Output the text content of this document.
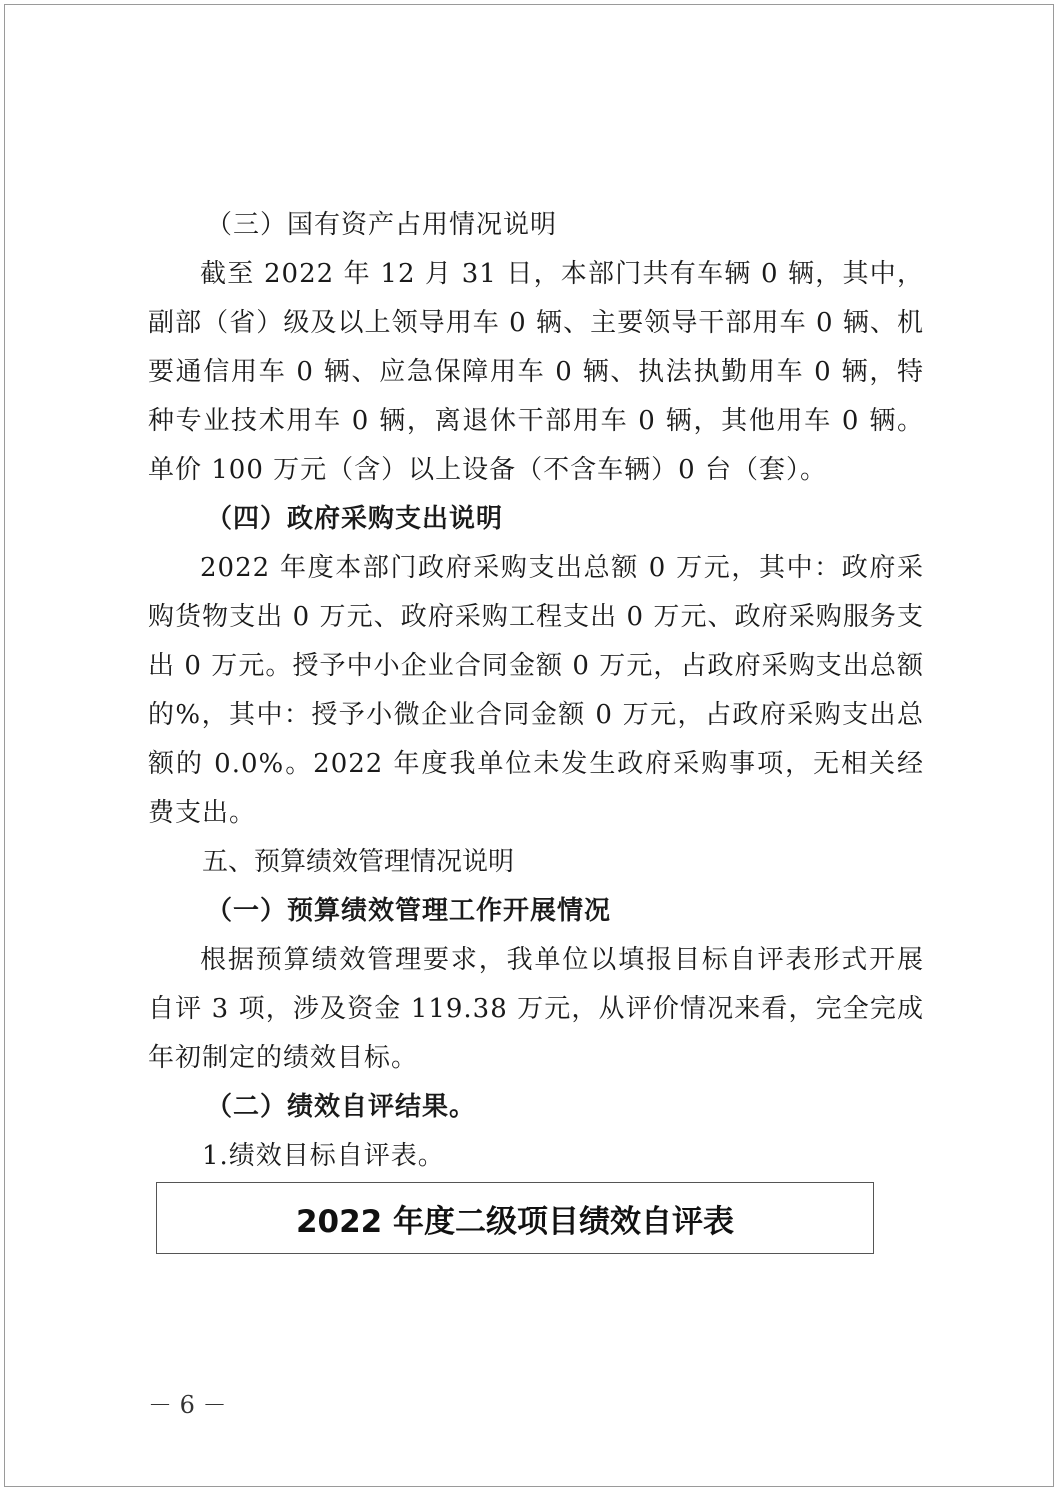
（三）国有资产占用情况说明

截至 2022 年 12 月 31 日，本部门共有车辆 0 辆，其中，副部（省）级及以上领导用车 0 辆、主要领导干部用车 0 辆、机要通信用车 0 辆、应急保障用车 0 辆、执法执勤用车 0 辆，特种专业技术用车 0 辆，离退休干部用车 0 辆，其他用车 0 辆。单价 100 万元（含）以上设备（不含车辆）0 台（套）。

（四）政府采购支出说明

2022 年度本部门政府采购支出总额 0 万元，其中：政府采购货物支出 0 万元、政府采购工程支出 0 万元、政府采购服务支出 0 万元。授予中小企业合同金额 0 万元，占政府采购支出总额的%，其中：授予小微企业合同金额 0 万元，占政府采购支出总额的 0.0%。2022 年度我单位未发生政府采购事项，无相关经费支出。

五、预算绩效管理情况说明

（一）预算绩效管理工作开展情况

根据预算绩效管理要求，我单位以填报目标自评表形式开展自评 3 项，涉及资金 119.38 万元，从评价情况来看，完全完成年初制定的绩效目标。

（二）绩效自评结果。

1.绩效目标自评表。

2022 年度二级项目绩效自评表
－ 6 －
